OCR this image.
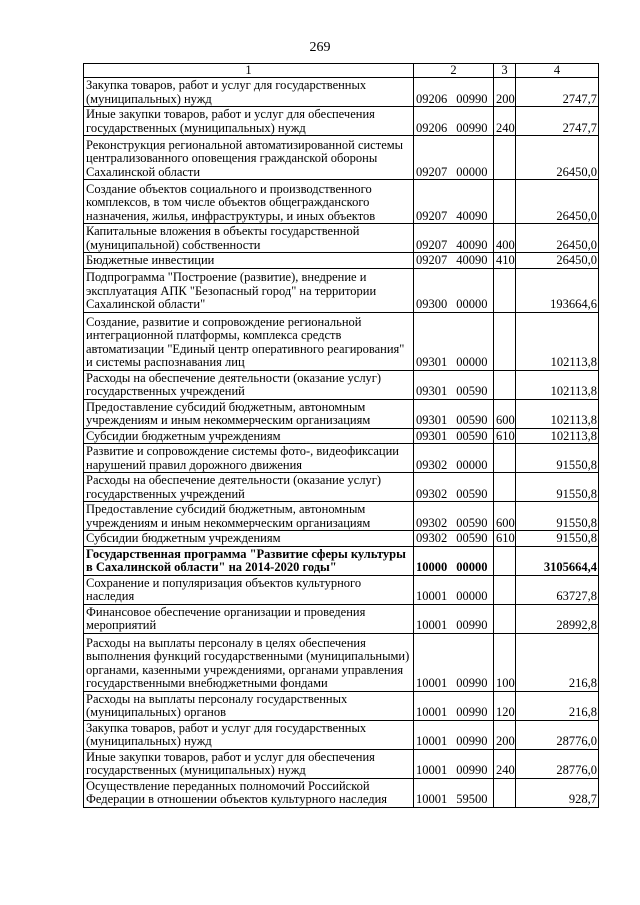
269
1	2	3	4
Закупка товаров, работ и услуг для государственных (муниципальных) нужд	09206 00990	200	2747,7
Иные закупки товаров, работ и услуг для обеспечения государственных (муниципальных) нужд	09206 00990	240	2747,7
Реконструкция региональной автоматизированной системы централизованного оповещения гражданской обороны Сахалинской области	09207 00000		26450,0
Создание объектов социального и производственного комплексов, в том числе объектов общегражданского назначения, жилья, инфраструктуры, и иных объектов	09207 40090		26450,0
Капитальные вложения в объекты государственной (муниципальной) собственности	09207 40090	400	26450,0
Бюджетные инвестиции	09207 40090	410	26450,0
Подпрограмма "Построение (развитие), внедрение и эксплуатация АПК "Безопасный город" на территории Сахалинской области"	09300 00000		193664,6
Создание, развитие и сопровождение региональной интеграционной платформы, комплекса средств автоматизации "Единый центр оперативного реагирования" и системы распознавания лиц	09301 00000		102113,8
Расходы на обеспечение деятельности (оказание услуг) государственных учреждений	09301 00590		102113,8
Предоставление субсидий бюджетным, автономным учреждениям и иным некоммерческим организациям	09301 00590	600	102113,8
Субсидии бюджетным учреждениям	09301 00590	610	102113,8
Развитие и сопровождение системы фото-, видеофиксации нарушений правил дорожного движения	09302 00000		91550,8
Расходы на обеспечение деятельности (оказание услуг) государственных учреждений	09302 00590		91550,8
Предоставление субсидий бюджетным, автономным учреждениям и иным некоммерческим организациям	09302 00590	600	91550,8
Субсидии бюджетным учреждениям	09302 00590	610	91550,8
Государственная программа "Развитие сферы культуры в Сахалинской области" на 2014-2020 годы"	10000 00000		3105664,4
Сохранение и популяризация объектов культурного наследия	10001 00000		63727,8
Финансовое обеспечение организации и проведения мероприятий	10001 00990		28992,8
Расходы на выплаты персоналу в целях обеспечения выполнения функций государственными (муниципальными) органами, казенными учреждениями, органами управления государственными внебюджетными фондами	10001 00990	100	216,8
Расходы на выплаты персоналу государственных (муниципальных) органов	10001 00990	120	216,8
Закупка товаров, работ и услуг для государственных (муниципальных) нужд	10001 00990	200	28776,0
Иные закупки товаров, работ и услуг для обеспечения государственных (муниципальных) нужд	10001 00990	240	28776,0
Осуществление переданных полномочий Российской Федерации в отношении объектов культурного наследия	10001 59500		928,7
